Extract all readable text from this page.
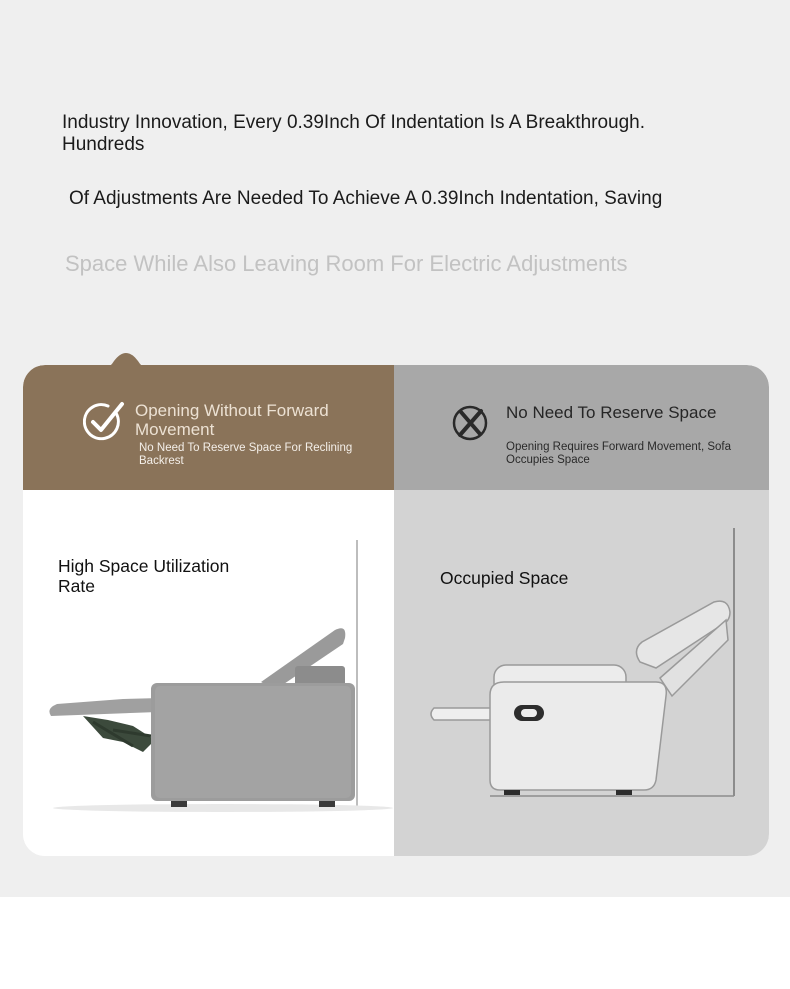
Industry Innovation, Every 0.39Inch Of Indentation Is A Breakthrough. Hundreds

Of Adjustments Are Needed To Achieve A 0.39Inch Indentation, Saving

Space While Also Leaving Room For Electric Adjustments

Opening Without Forward Movement
No Need To Reserve Space For Reclining Backrest
No Need To Reserve Space
Opening Requires Forward Movement, Sofa Occupies Space
High Space Utilization Rate	Occupied Space
